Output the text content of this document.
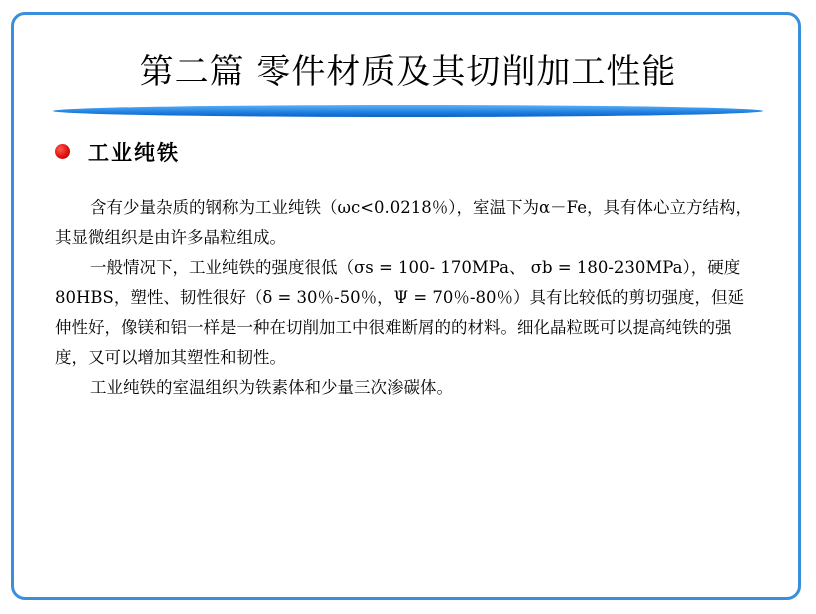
第二篇 零件材质及其切削加工性能
工业纯铁

含有少量杂质的钢称为工业纯铁（ωc<0.0218％），室温下为α－Fe，具有体心立方结构，其显微组织是由许多晶粒组成。

一般情况下，工业纯铁的强度很低（σs = 100- 170MPa、 σb = 180-230MPa），硬度80HBS，塑性、韧性很好（δ = 30％-50％，Ψ = 70％-80％）具有比较低的剪切强度，但延伸性好，像镁和铝一样是一种在切削加工中很难断屑的的材料。细化晶粒既可以提高纯铁的强度，又可以增加其塑性和韧性。

工业纯铁的室温组织为铁素体和少量三次渗碳体。
